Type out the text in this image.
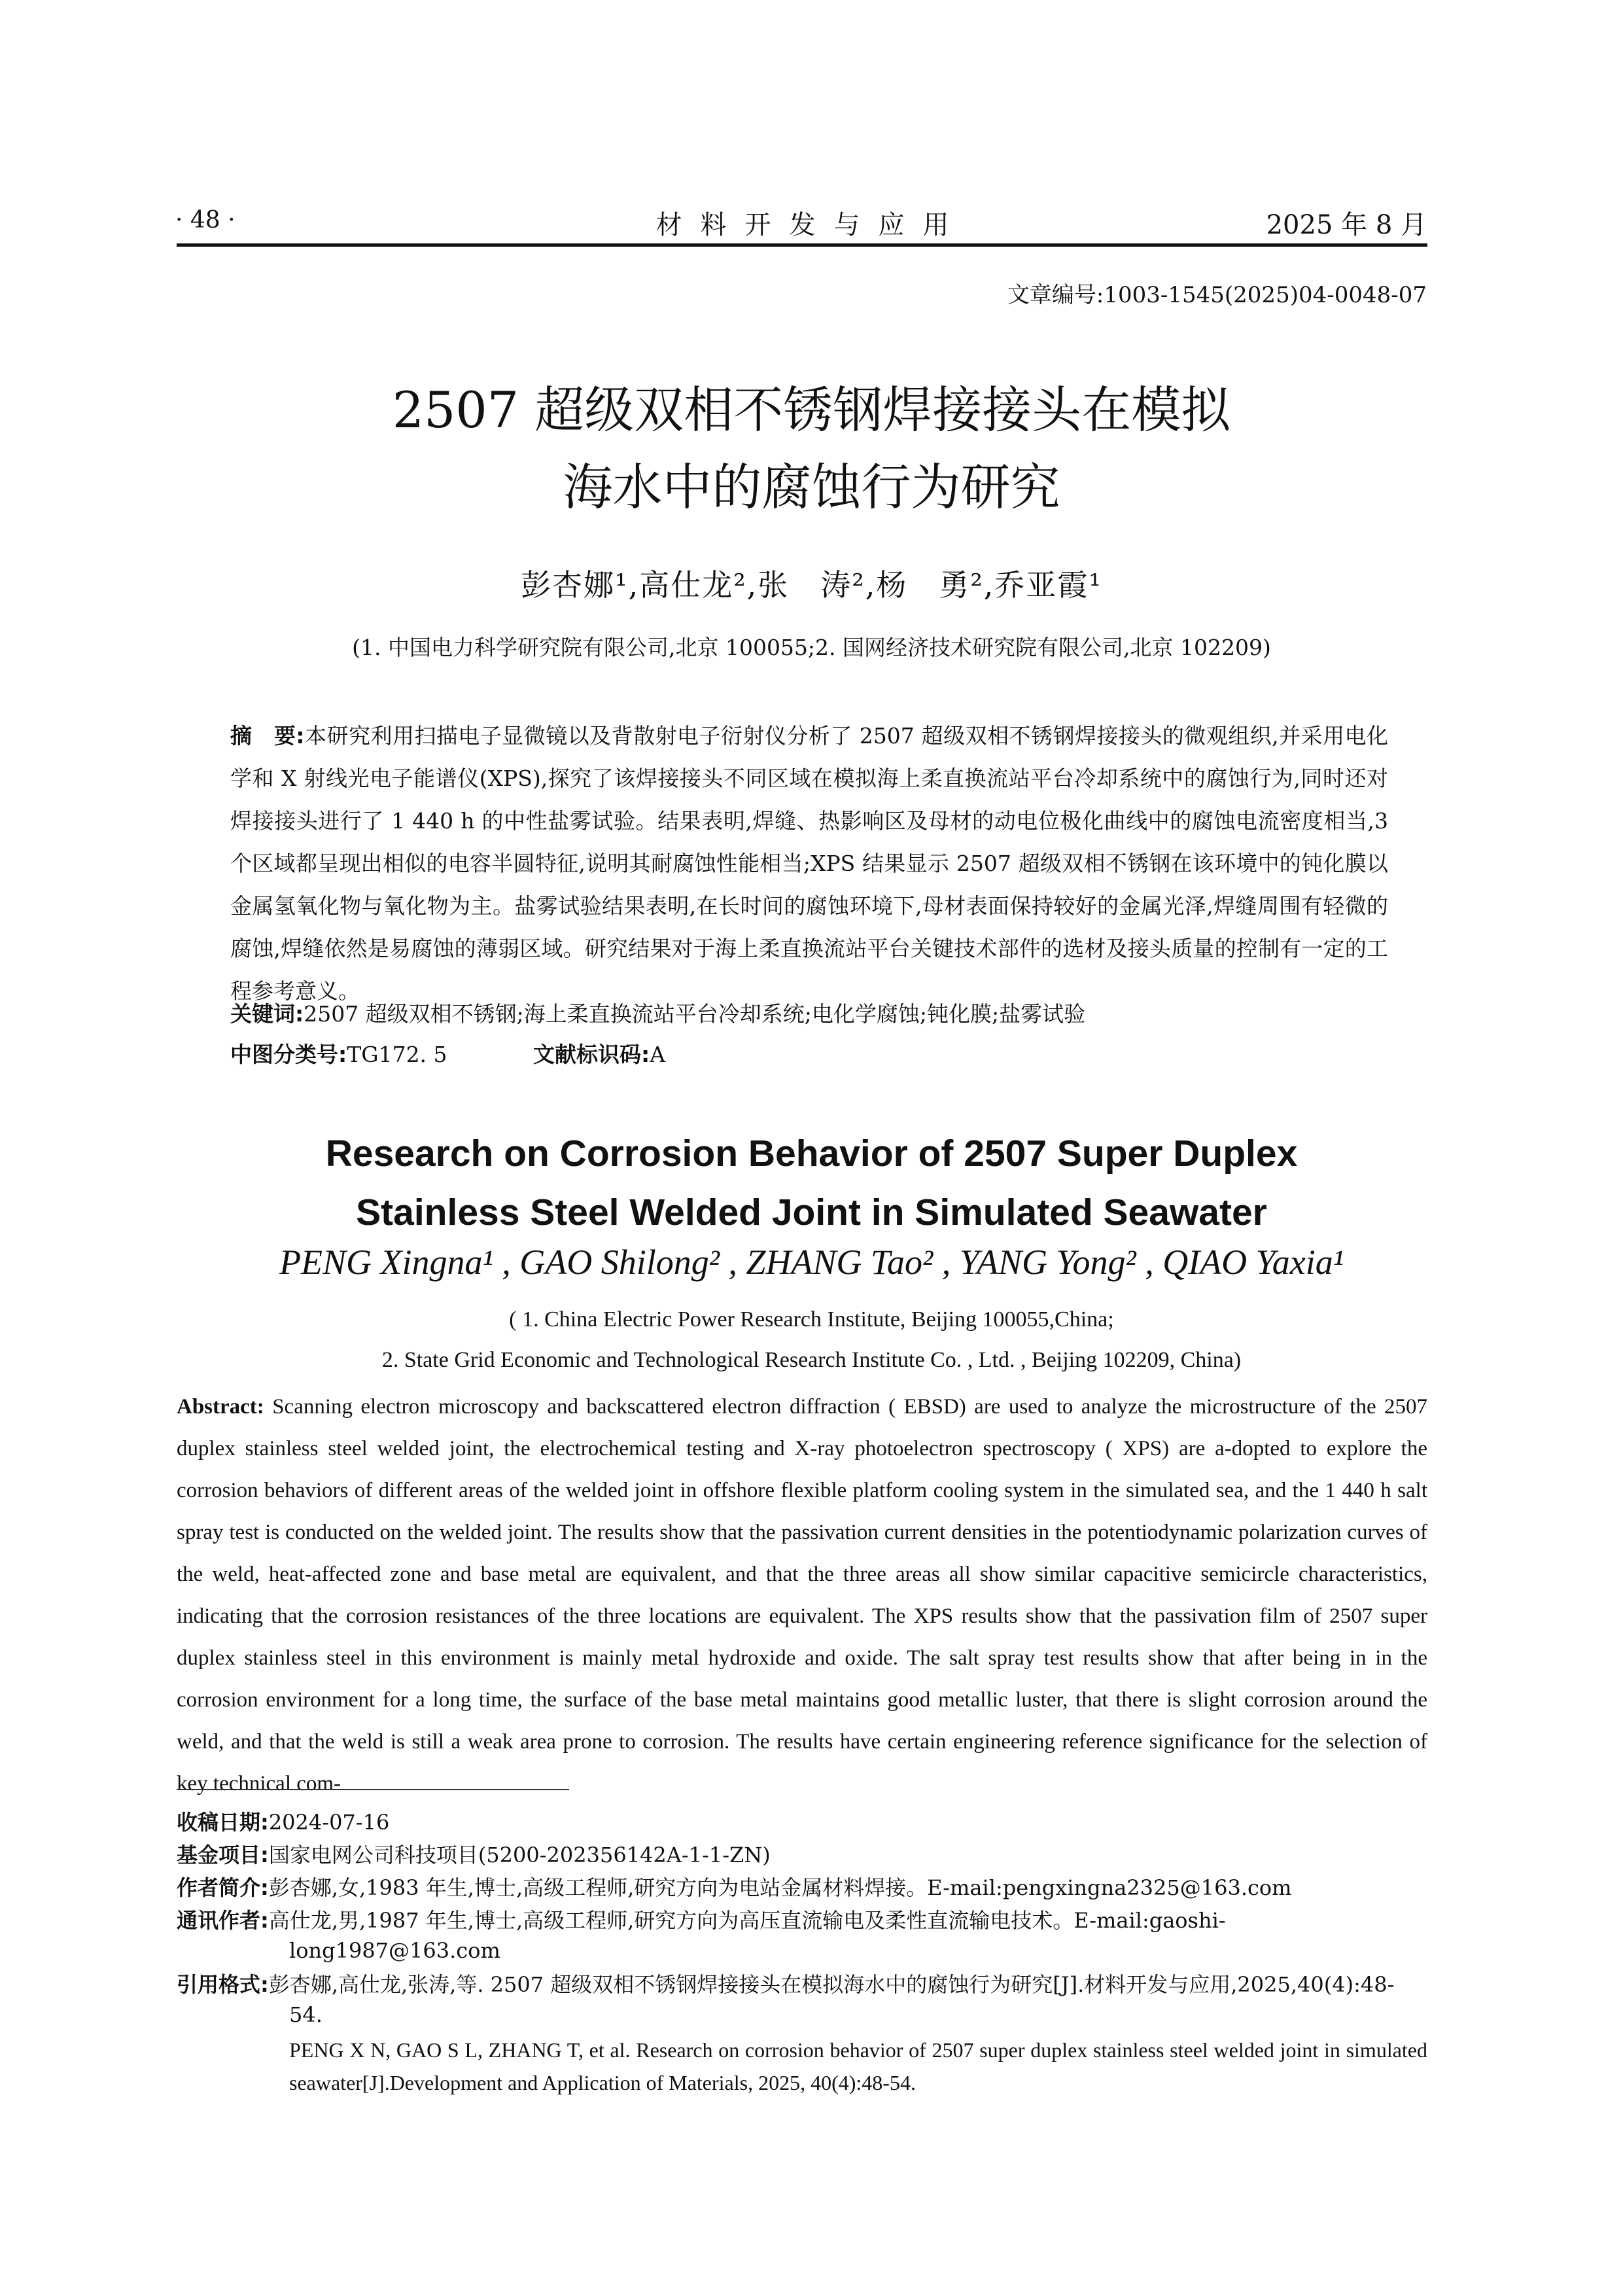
· 48 ·	材料开发与应用	2025 年 8 月
文章编号:1003-1545(2025)04-0048-07
2507 超级双相不锈钢焊接接头在模拟
海水中的腐蚀行为研究
彭杏娜¹,高仕龙²,张　涛²,杨　勇²,乔亚霞¹
(1. 中国电力科学研究院有限公司,北京 100055;2. 国网经济技术研究院有限公司,北京 102209)
摘　要:本研究利用扫描电子显微镜以及背散射电子衍射仪分析了 2507 超级双相不锈钢焊接接头的微观组织,并采用电化学和 X 射线光电子能谱仪(XPS),探究了该焊接接头不同区域在模拟海上柔直换流站平台冷却系统中的腐蚀行为,同时还对焊接接头进行了 1 440 h 的中性盐雾试验。结果表明,焊缝、热影响区及母材的动电位极化曲线中的腐蚀电流密度相当,3 个区域都呈现出相似的电容半圆特征,说明其耐腐蚀性能相当;XPS 结果显示 2507 超级双相不锈钢在该环境中的钝化膜以金属氢氧化物与氧化物为主。盐雾试验结果表明,在长时间的腐蚀环境下,母材表面保持较好的金属光泽,焊缝周围有轻微的腐蚀,焊缝依然是易腐蚀的薄弱区域。研究结果对于海上柔直换流站平台关键技术部件的选材及接头质量的控制有一定的工程参考意义。
关键词:2507 超级双相不锈钢;海上柔直换流站平台冷却系统;电化学腐蚀;钝化膜;盐雾试验
中图分类号:TG172. 5	文献标识码:A
Research on Corrosion Behavior of 2507 Super Duplex
Stainless Steel Welded Joint in Simulated Seawater
PENG Xingna¹ , GAO Shilong² , ZHANG Tao² , YANG Yong² , QIAO Yaxia¹
( 1. China Electric Power Research Institute, Beijing 100055,China;
2. State Grid Economic and Technological Research Institute Co. , Ltd. , Beijing 102209, China)
Abstract: Scanning electron microscopy and backscattered electron diffraction ( EBSD) are used to analyze the microstructure of the 2507 duplex stainless steel welded joint, the electrochemical testing and X-ray photoelectron spectroscopy ( XPS) are a-dopted to explore the corrosion behaviors of different areas of the welded joint in offshore flexible platform cooling system in the simulated sea, and the 1 440 h salt spray test is conducted on the welded joint. The results show that the passivation current densities in the potentiodynamic polarization curves of the weld, heat-affected zone and base metal are equivalent, and that the three areas all show similar capacitive semicircle characteristics, indicating that the corrosion resistances of the three locations are equivalent. The XPS results show that the passivation film of 2507 super duplex stainless steel in this environment is mainly metal hydroxide and oxide. The salt spray test results show that after being in in the corrosion environment for a long time, the surface of the base metal maintains good metallic luster, that there is slight corrosion around the weld, and that the weld is still a weak area prone to corrosion. The results have certain engineering reference significance for the selection of key technical com-
收稿日期:2024-07-16
基金项目:国家电网公司科技项目(5200-202356142A-1-1-ZN)
作者简介:彭杏娜,女,1983 年生,博士,高级工程师,研究方向为电站金属材料焊接。E-mail:pengxingna2325@163.com
通讯作者:高仕龙,男,1987 年生,博士,高级工程师,研究方向为高压直流输电及柔性直流输电技术。E-mail:gaoshi-long1987@163.com
引用格式:彭杏娜,高仕龙,张涛,等. 2507 超级双相不锈钢焊接接头在模拟海水中的腐蚀行为研究[J].材料开发与应用,2025,40(4):48-54.
PENG X N, GAO S L, ZHANG T, et al. Research on corrosion behavior of 2507 super duplex stainless steel welded joint in simulated seawater[J].Development and Application of Materials, 2025, 40(4):48-54.
